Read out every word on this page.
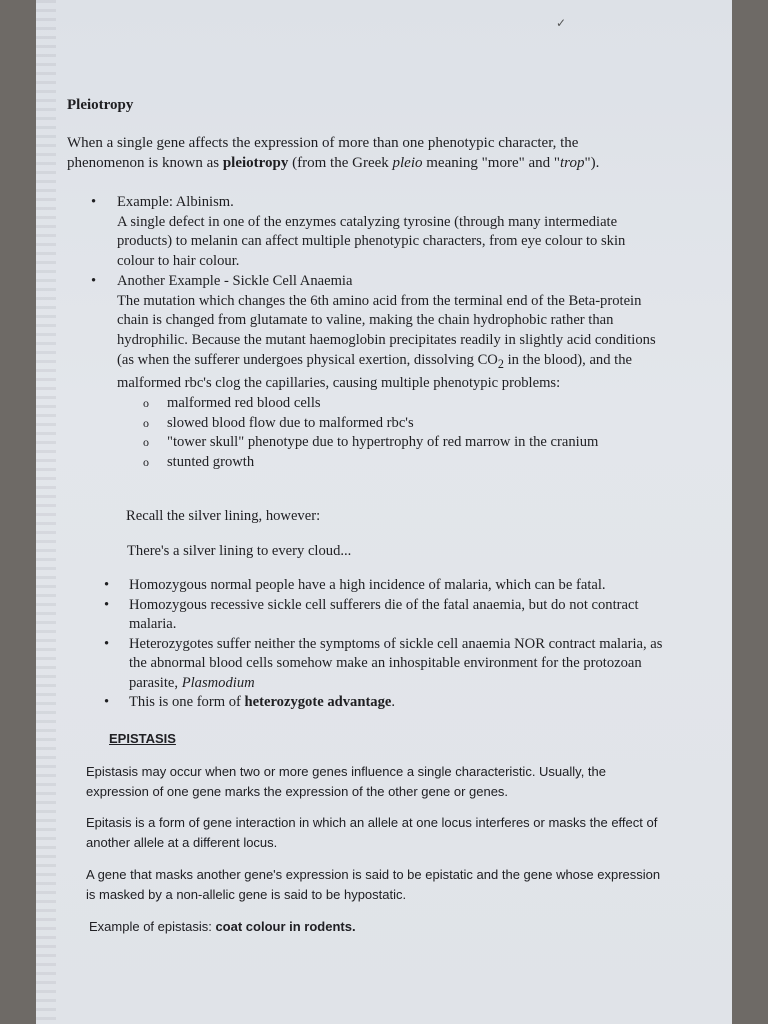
✓

Pleiotropy

When a single gene affects the expression of more than one phenotypic character, the phenomenon is known as pleiotropy (from the Greek pleio meaning "more" and "trop").

• Example: Albinism.
A single defect in one of the enzymes catalyzing tyrosine (through many intermediate products) to melanin can affect multiple phenotypic characters, from eye colour to skin colour to hair colour.
• Another Example - Sickle Cell Anaemia
The mutation which changes the 6th amino acid from the terminal end of the Beta-protein chain is changed from glutamate to valine, making the chain hydrophobic rather than hydrophilic. Because the mutant haemoglobin precipitates readily in slightly acid conditions (as when the sufferer undergoes physical exertion, dissolving $CO_2$ in the blood), and the malformed rbc's clog the capillaries, causing multiple phenotypic problems:
o malformed red blood cells
o slowed blood flow due to malformed rbc's
o "tower skull" phenotype due to hypertrophy of red marrow in the cranium
o stunted growth

Recall the silver lining, however:

There's a silver lining to every cloud...

• Homozygous normal people have a high incidence of malaria, which can be fatal.
• Homozygous recessive sickle cell sufferers die of the fatal anaemia, but do not contract malaria.
• Heterozygotes suffer neither the symptoms of sickle cell anaemia NOR contract malaria, as the abnormal blood cells somehow make an inhospitable environment for the protozoan parasite, Plasmodium
• This is one form of heterozygote advantage.

EPISTASIS

Epistasis may occur when two or more genes influence a single characteristic. Usually, the expression of one gene marks the expression of the other gene or genes.

Epitasis is a form of gene interaction in which an allele at one locus interferes or masks the effect of another allele at a different locus.

A gene that masks another gene's expression is said to be epistatic and the gene whose expression is masked by a non-allelic gene is said to be hypostatic.

Example of epistasis: coat colour in rodents.
